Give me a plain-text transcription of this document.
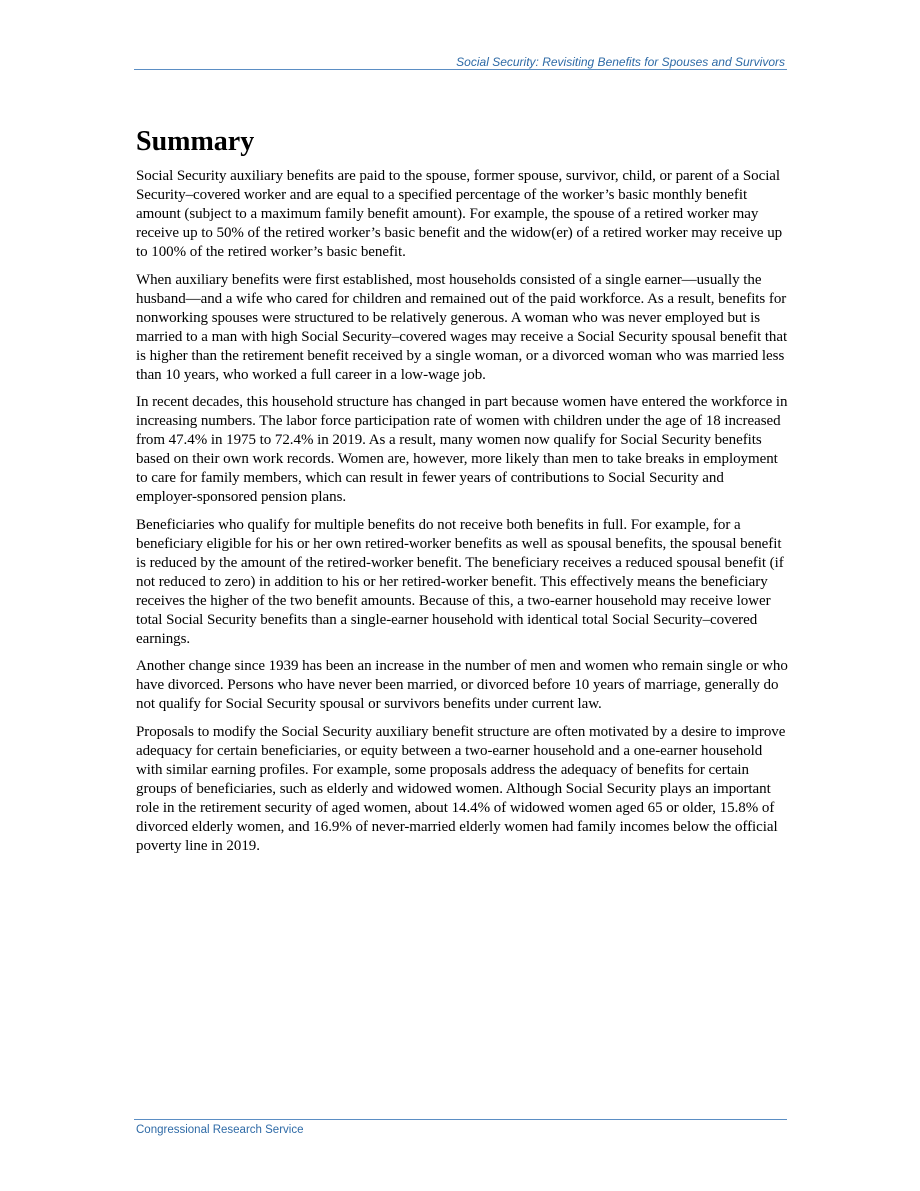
Social Security: Revisiting Benefits for Spouses and Survivors
Summary

Social Security auxiliary benefits are paid to the spouse, former spouse, survivor, child, or parent of a Social Security–covered worker and are equal to a specified percentage of the worker’s basic monthly benefit amount (subject to a maximum family benefit amount). For example, the spouse of a retired worker may receive up to 50% of the retired worker’s basic benefit and the widow(er) of a retired worker may receive up to 100% of the retired worker’s basic benefit.

When auxiliary benefits were first established, most households consisted of a single earner—usually the husband—and a wife who cared for children and remained out of the paid workforce. As a result, benefits for nonworking spouses were structured to be relatively generous. A woman who was never employed but is married to a man with high Social Security–covered wages may receive a Social Security spousal benefit that is higher than the retirement benefit received by a single woman, or a divorced woman who was married less than 10 years, who worked a full career in a low-wage job.

In recent decades, this household structure has changed in part because women have entered the workforce in increasing numbers. The labor force participation rate of women with children under the age of 18 increased from 47.4% in 1975 to 72.4% in 2019. As a result, many women now qualify for Social Security benefits based on their own work records. Women are, however, more likely than men to take breaks in employment to care for family members, which can result in fewer years of contributions to Social Security and employer-sponsored pension plans.

Beneficiaries who qualify for multiple benefits do not receive both benefits in full. For example, for a beneficiary eligible for his or her own retired-worker benefits as well as spousal benefits, the spousal benefit is reduced by the amount of the retired-worker benefit. The beneficiary receives a reduced spousal benefit (if not reduced to zero) in addition to his or her retired-worker benefit. This effectively means the beneficiary receives the higher of the two benefit amounts. Because of this, a two-earner household may receive lower total Social Security benefits than a single-earner household with identical total Social Security–covered earnings.

Another change since 1939 has been an increase in the number of men and women who remain single or who have divorced. Persons who have never been married, or divorced before 10 years of marriage, generally do not qualify for Social Security spousal or survivors benefits under current law.

Proposals to modify the Social Security auxiliary benefit structure are often motivated by a desire to improve adequacy for certain beneficiaries, or equity between a two-earner household and a one-earner household with similar earning profiles. For example, some proposals address the adequacy of benefits for certain groups of beneficiaries, such as elderly and widowed women. Although Social Security plays an important role in the retirement security of aged women, about 14.4% of widowed women aged 65 or older, 15.8% of divorced elderly women, and 16.9% of never-married elderly women had family incomes below the official poverty line in 2019.

Congressional Research Service
